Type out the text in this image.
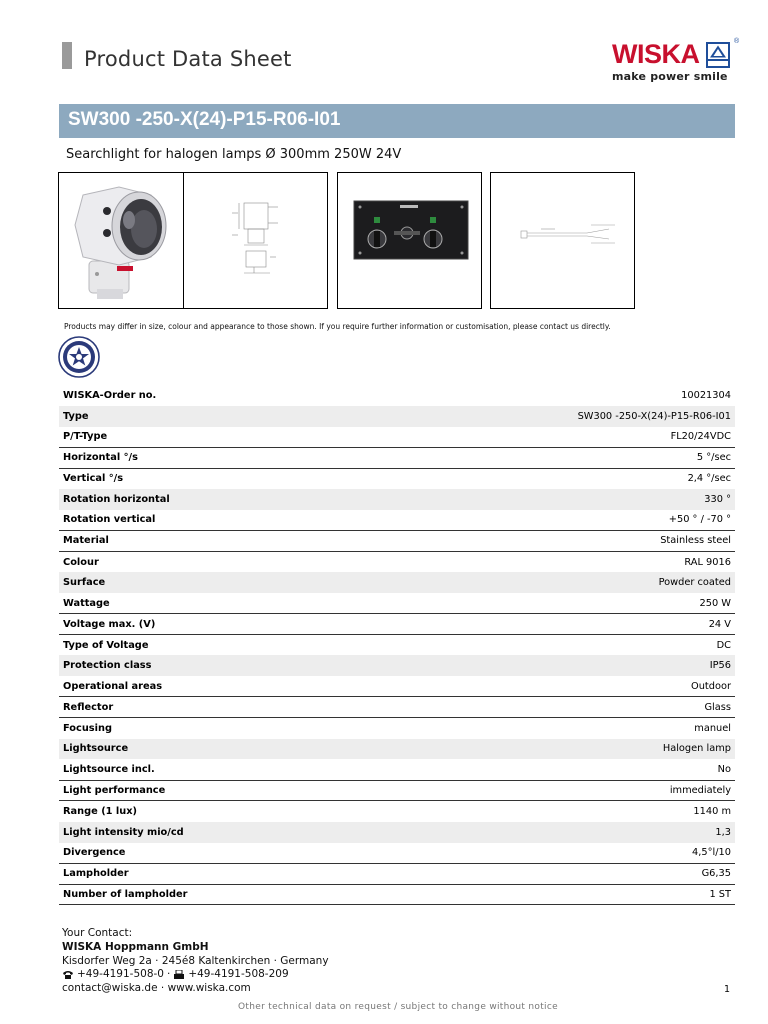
Product Data Sheet	WISKA	®
make power smile
SW300 -250-X(24)-P15-R06-I01
Searchlight for halogen lamps Ø 300mm 250W 24V
Products may differ in size, colour and appearance to those shown. If you require further information or customisation, please contact us directly.
WISKA-Order no.	10021304
Type	SW300 -250-X(24)-P15-R06-I01
P/T-Type	FL20/24VDC
Horizontal °/s	5 °/sec
Vertical °/s	2,4 °/sec
Rotation horizontal	330 °
Rotation vertical	+50 ° / -70 °
Material	Stainless steel
Colour	RAL 9016
Surface	Powder coated
Wattage	250 W
Voltage max. (V)	24 V
Type of Voltage	DC
Protection class	IP56
Operational areas	Outdoor
Reflector	Glass
Focusing	manuel
Lightsource	Halogen lamp
Lightsource incl.	No
Light performance	immediately
Range (1 lux)	1140 m
Light intensity mio/cd	1,3
Divergence	4,5°l/10
Lampholder	G6,35
Number of lampholder	1 ST
Your Contact:
WISKA Hoppmann GmbH
Kisdorfer Weg 2a · 245é8 Kaltenkirchen · Germany
+49-4191-508-0 · +49-4191-508-209
contact@wiska.de · www.wiska.com	1
Other technical data on request / subject to change without notice
